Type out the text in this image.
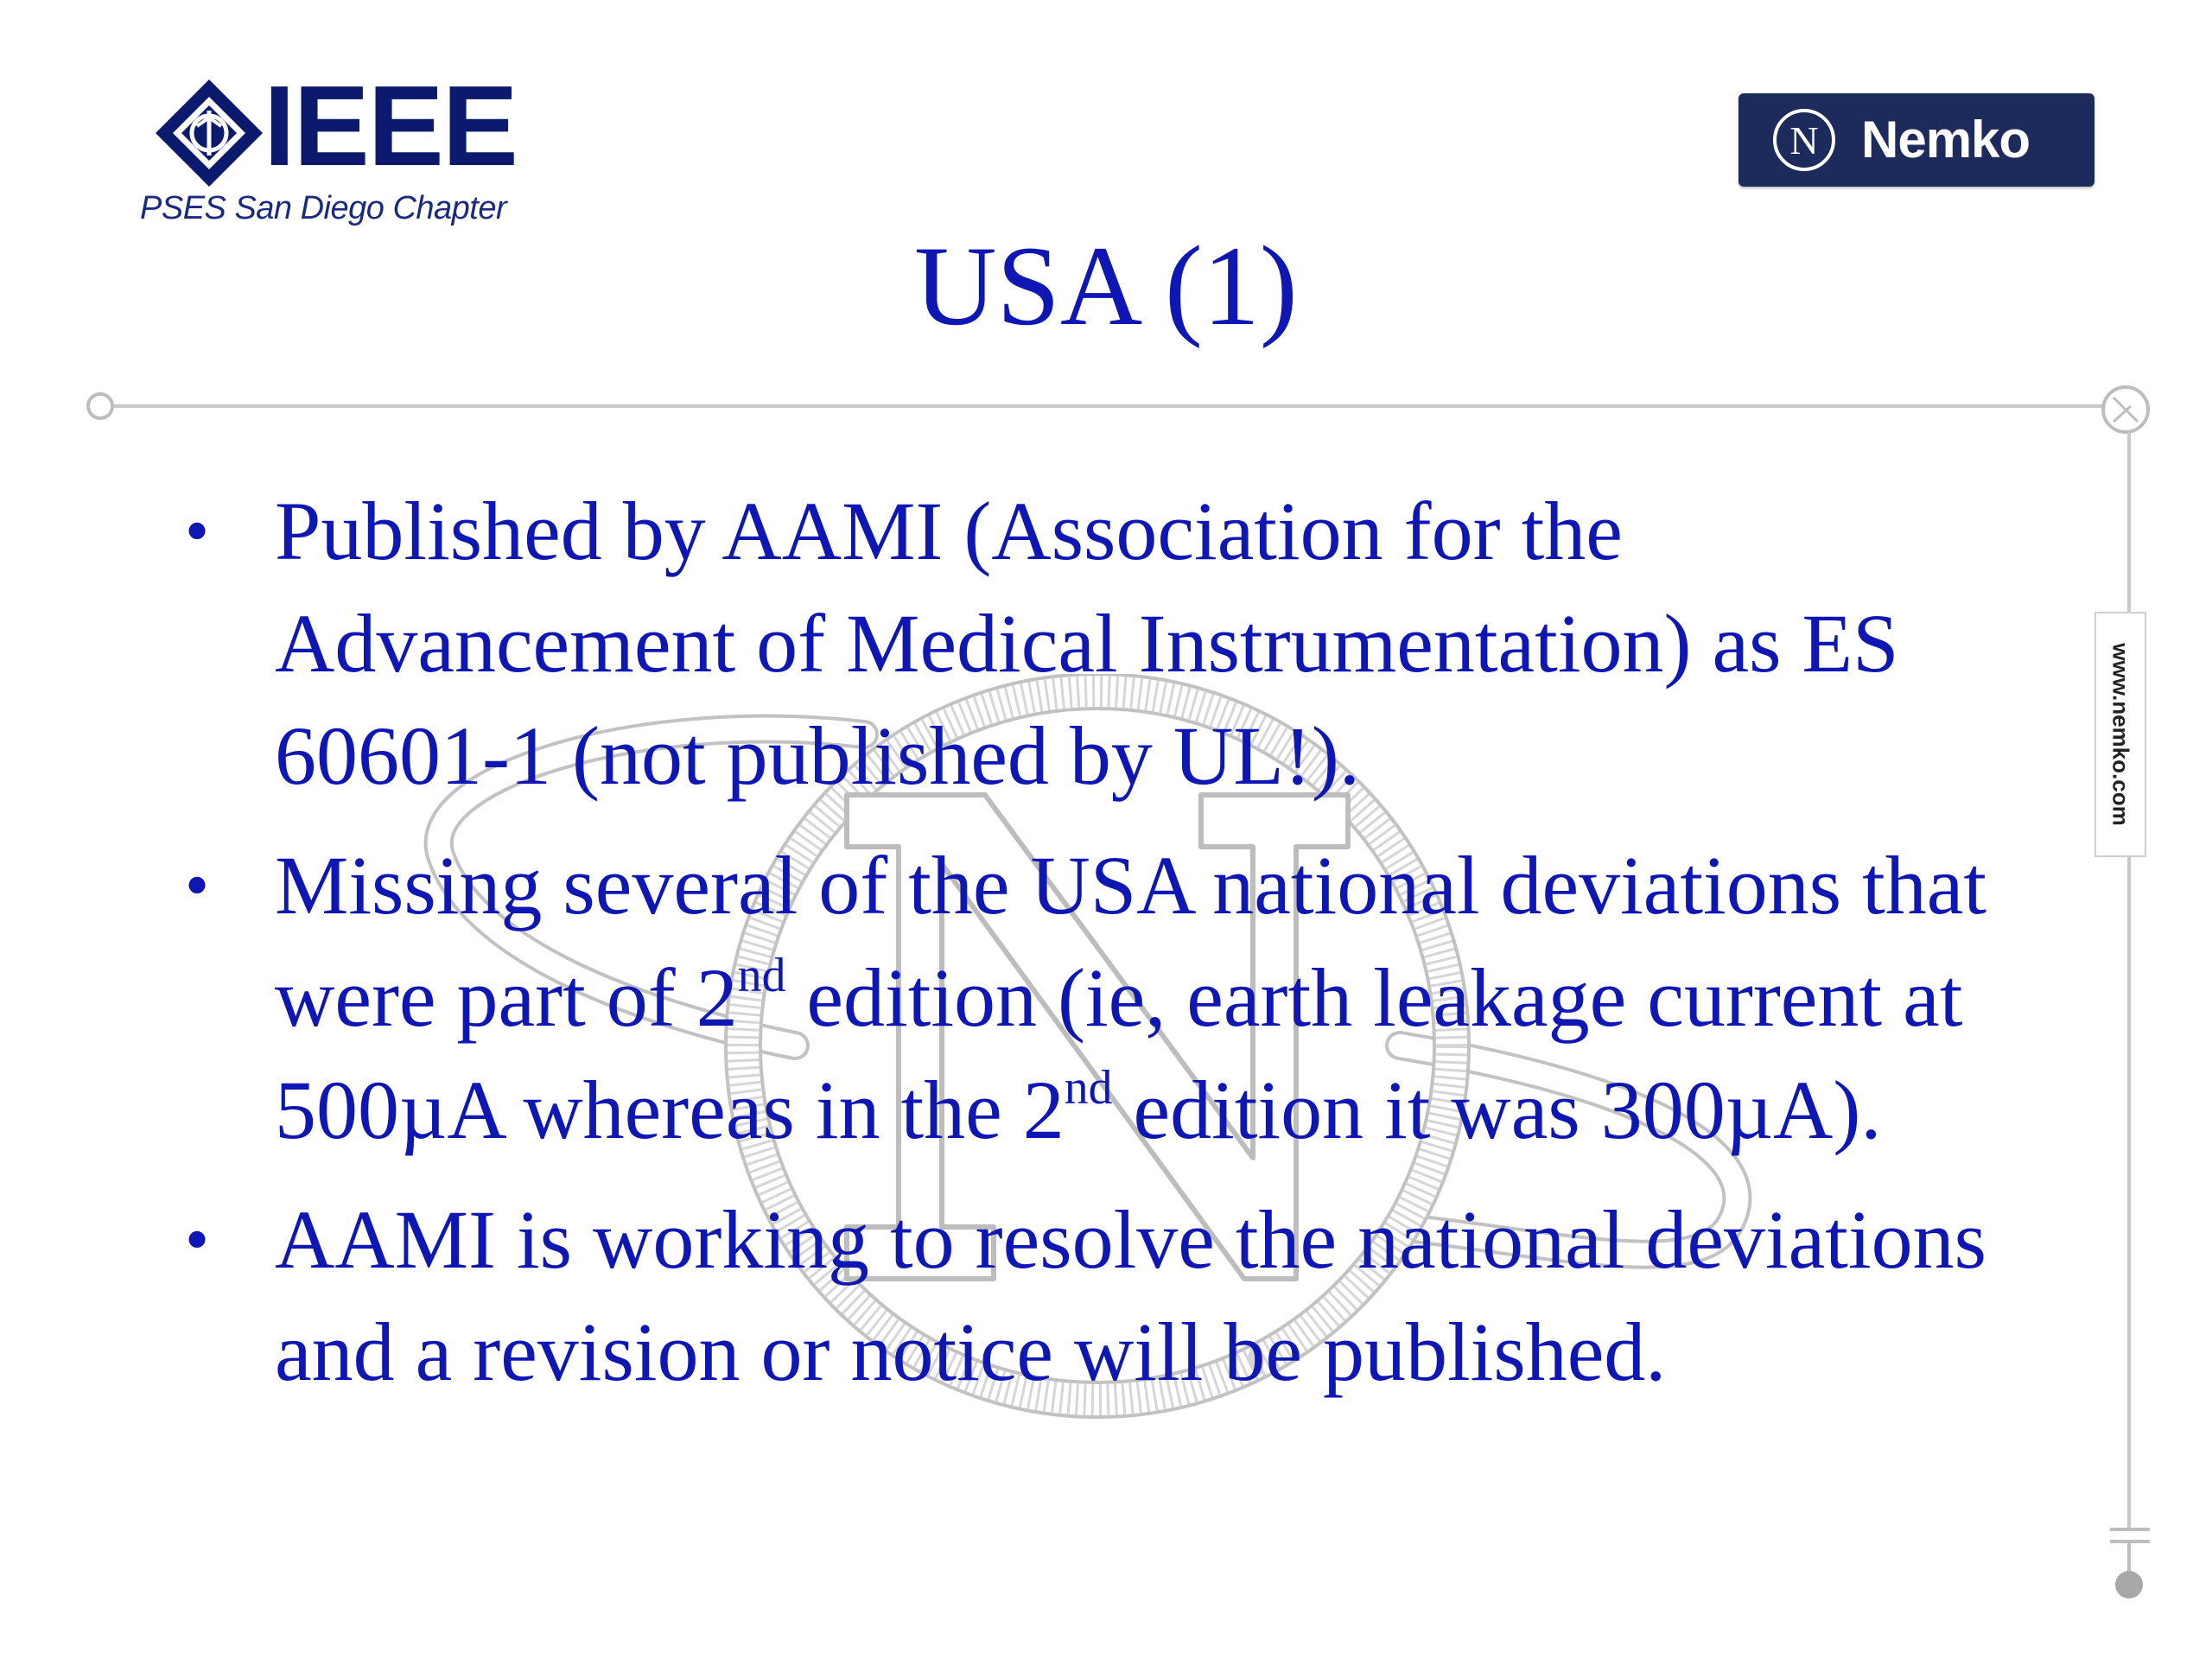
www.nemko.com
IEEE
PSES San Diego Chapter
N Nemko
USA (1)
• Published by AAMI (Association for the Advancement of Medical Instrumentation) as ES 60601-1 (not published by UL!).
• Missing several of the USA national deviations that were part of 2nd edition (ie, earth leakage current at 500µA whereas in the 2nd edition it was 300µA).
• AAMI is working to resolve the national deviations and a revision or notice will be published.
